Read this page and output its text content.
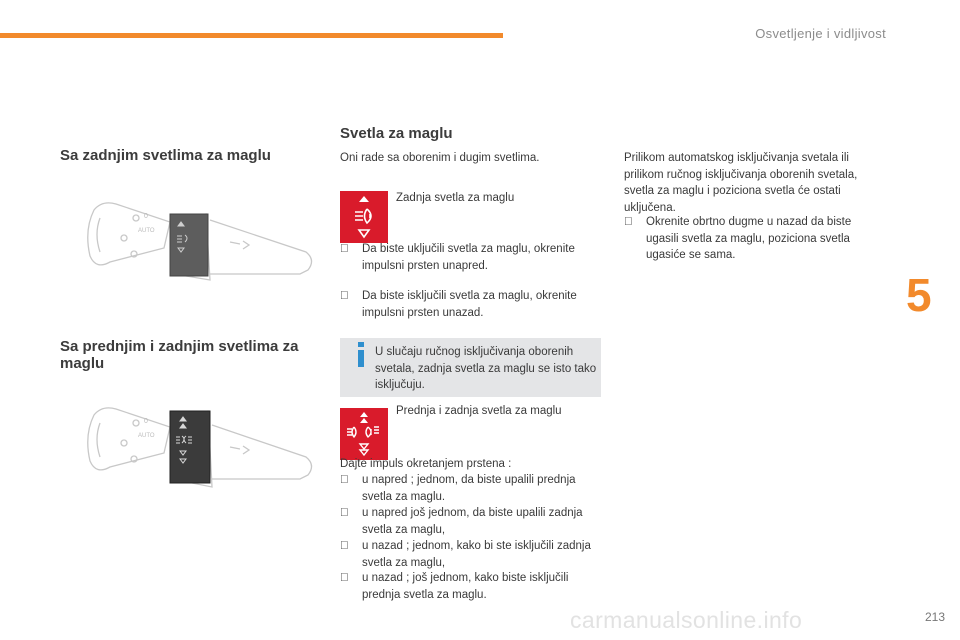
Osvetljenje i vidljivost
5
Sa zadnjim svetlima za maglu
AUTO
0
Sa prednjim i zadnjim svetlima za maglu
AUTO
0
Svetla za maglu
Oni rade sa oborenim i dugim svetlima.
Zadnja svetla za maglu
Da biste uključili svetla za maglu, okrenite impulsni prsten unapred.
Da biste isključili svetla za maglu, okrenite impulsni prsten unazad.
U slučaju ručnog isključivanja oborenih svetala, zadnja svetla za maglu se isto tako isključuju.
Prednja i zadnja svetla za maglu
Dajte impuls okretanjem prstena :
u napred ; jednom, da biste upalili prednja svetla za maglu.
u napred još jednom, da biste upalili zadnja svetla za maglu,
u nazad ; jednom, kako bi ste isključili zadnja svetla za maglu,
u nazad ; još jednom, kako biste isključili prednja svetla za maglu.
Prilikom automatskog isključivanja svetala ili prilikom ručnog isključivanja oborenih svetala, svetla za maglu i poziciona svetla će ostati uključena.
Okrenite obrtno dugme u nazad da biste ugasili svetla za maglu, poziciona svetla ugasiće se sama.
carmanualsonline.info	213
